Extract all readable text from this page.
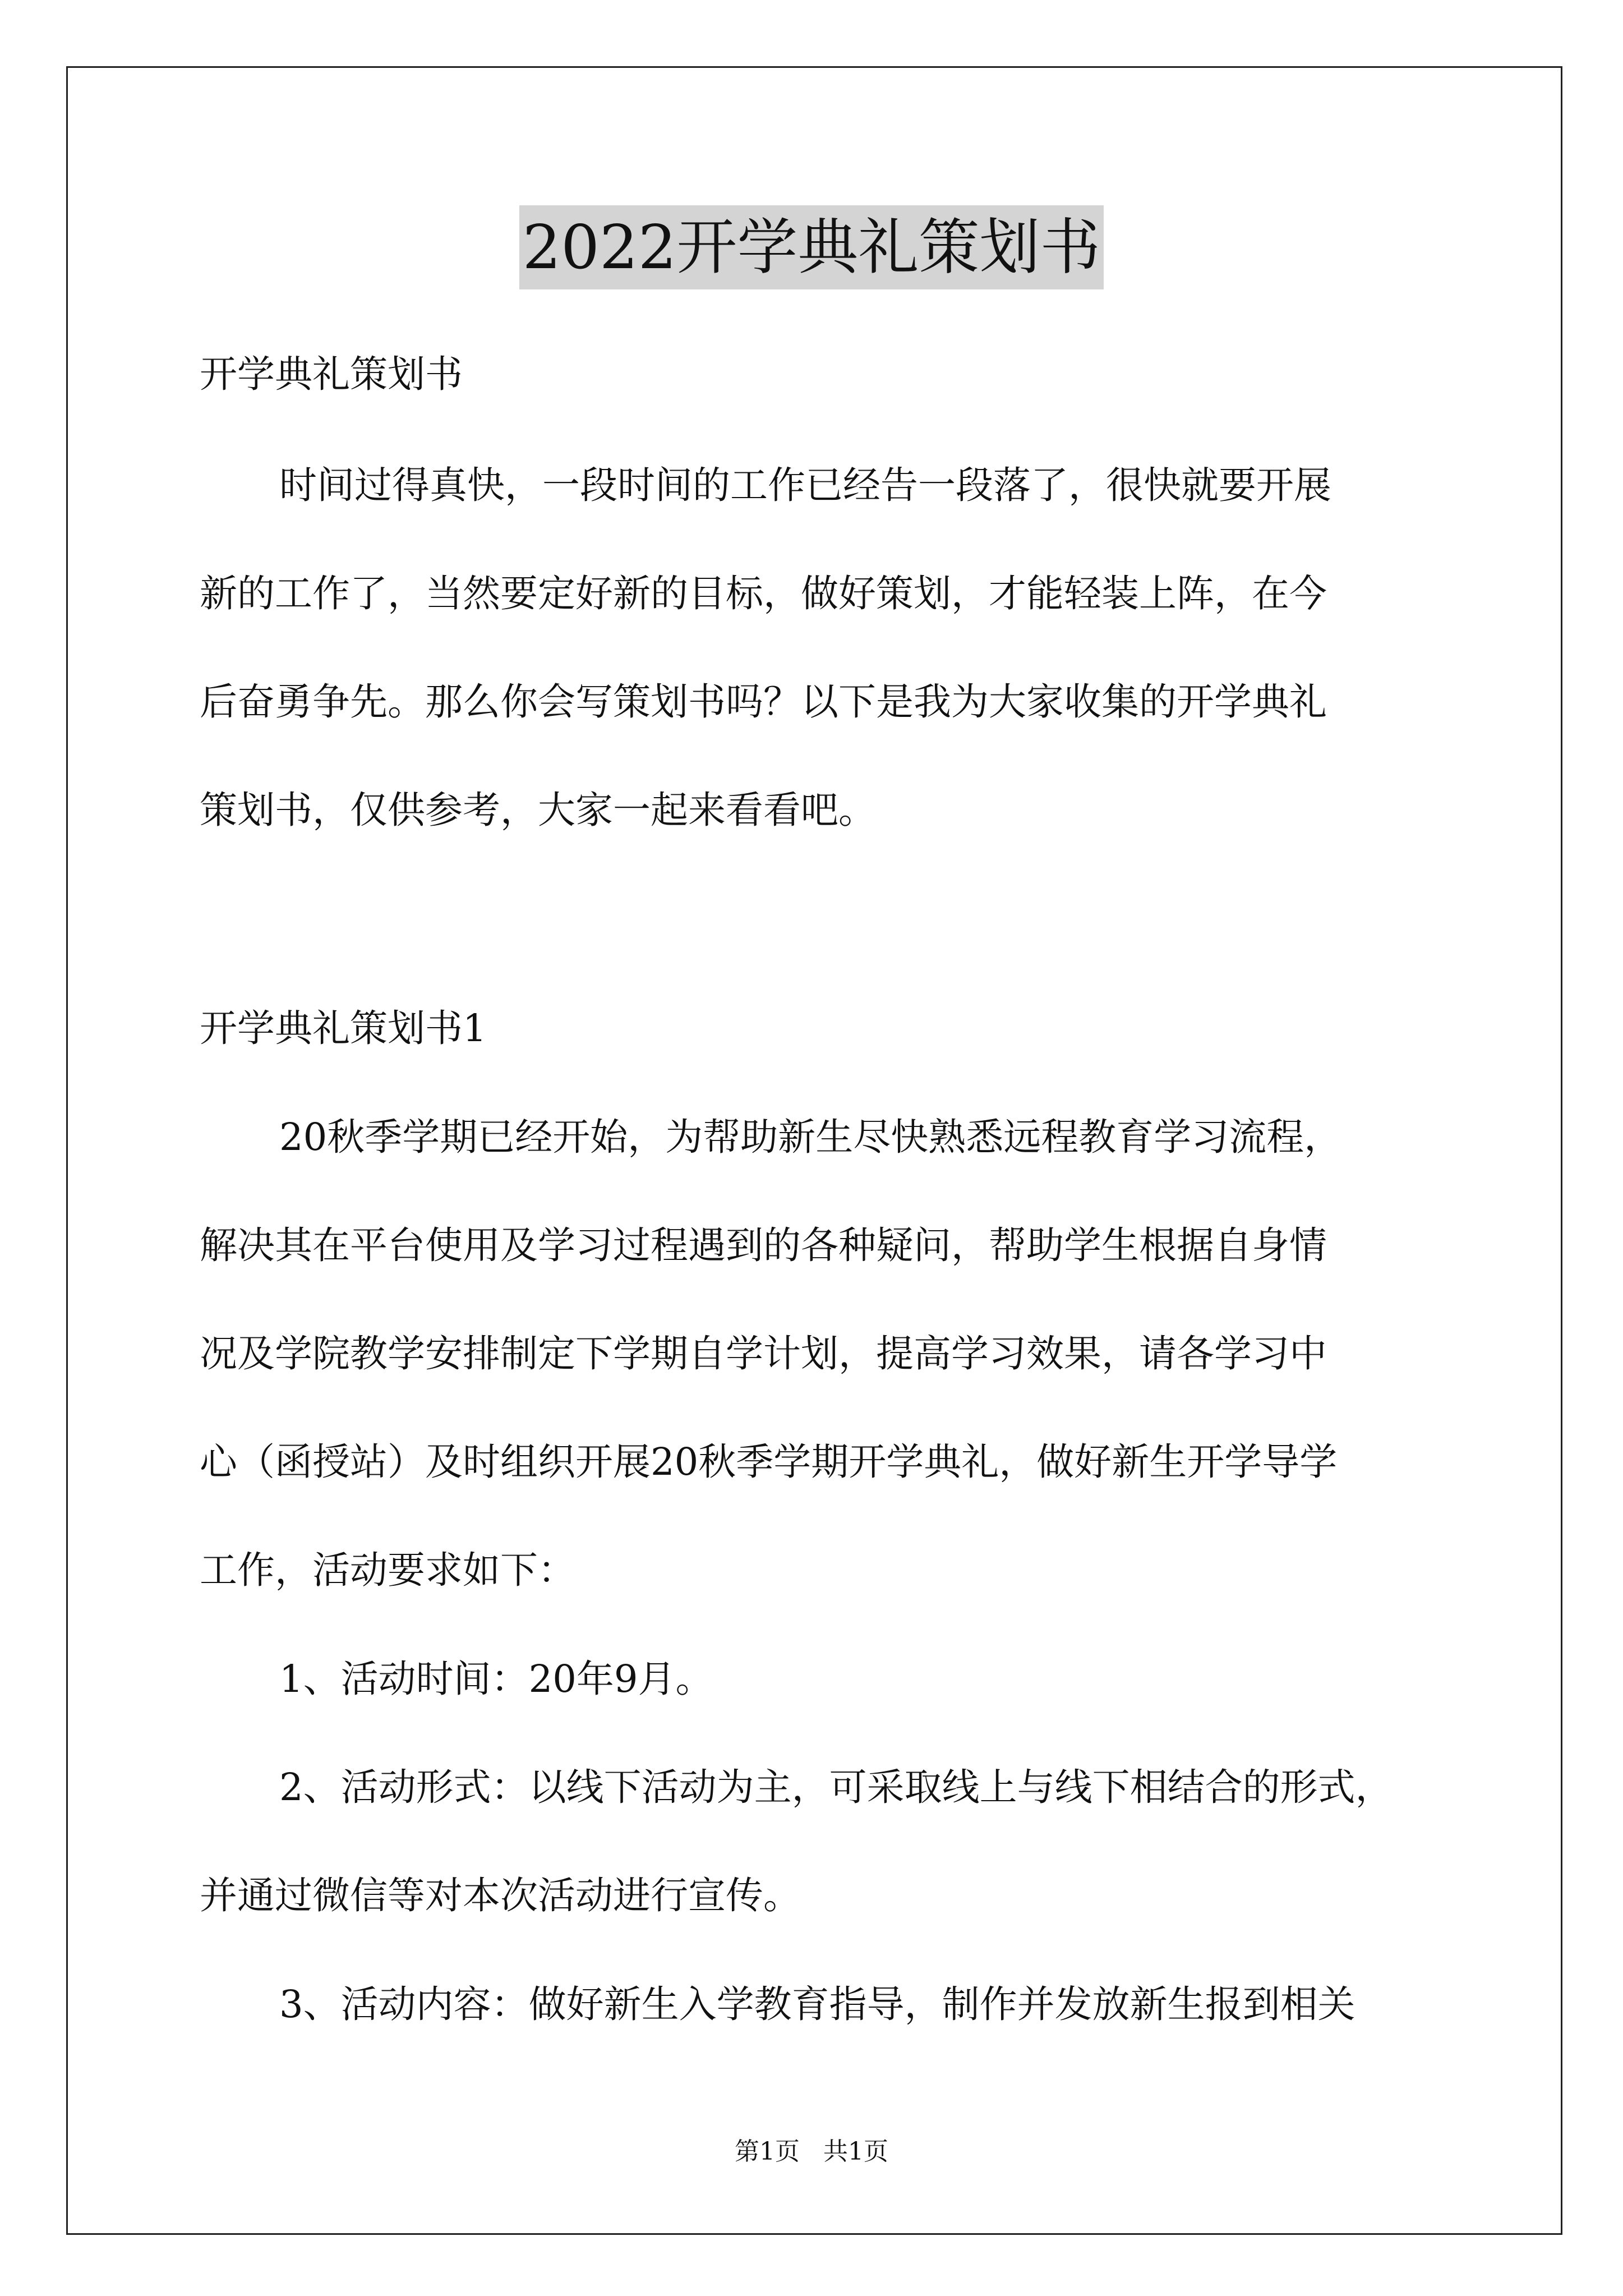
2022开学典礼策划书
开学典礼策划书
时间过得真快，一段时间的工作已经告一段落了，很快就要开展
新的工作了，当然要定好新的目标，做好策划，才能轻装上阵，在今
后奋勇争先。那么你会写策划书吗？以下是我为大家收集的开学典礼
策划书，仅供参考，大家一起来看看吧。
开学典礼策划书1
20秋季学期已经开始，为帮助新生尽快熟悉远程教育学习流程，
解决其在平台使用及学习过程遇到的各种疑问，帮助学生根据自身情
况及学院教学安排制定下学期自学计划，提高学习效果，请各学习中
心（函授站）及时组织开展20秋季学期开学典礼，做好新生开学导学
工作，活动要求如下：
1、活动时间：20年9月。
2、活动形式：以线下活动为主，可采取线上与线下相结合的形式，
并通过微信等对本次活动进行宣传。
3、活动内容：做好新生入学教育指导，制作并发放新生报到相关
第1页   共1页
